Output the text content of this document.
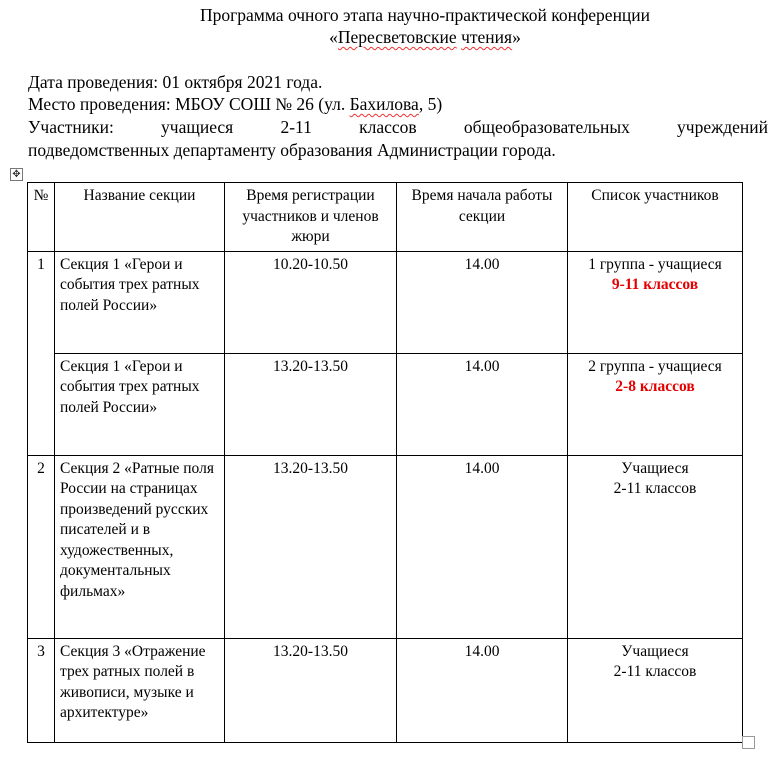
Программа очного этапа научно-практической конференции
«Пересветовские чтения»
Дата проведения: 01 октября 2021 года.
Место проведения: МБОУ СОШ № 26 (ул. Бахилова, 5)
Участники:	учащиеся	2-11	классов	общеобразовательных	учреждений
подведомственных департаменту образования Администрации города.
✥
№	Название секции	Время регистрации участников и членов жюри	Время начала работы секции	Список участников
1	Секция 1 «Герои и события трех ратных полей России»	10.20-10.50	14.00	1 группа - учащиеся
9-11 классов

	Секция 1 «Герои и события трех ратных полей России»	13.20-13.50	14.00	2 группа - учащиеся
2-8 классов

2	Секция 2 «Ратные поля России на страницах произведений русских писателей и в художественных, документальных фильмах»	13.20-13.50	14.00	Учащиеся
2-11 классов

3	Секция 3 «Отражение трех ратных полей в живописи, музыке и архитектуре»	13.20-13.50	14.00	Учащиеся
2-11 классов
